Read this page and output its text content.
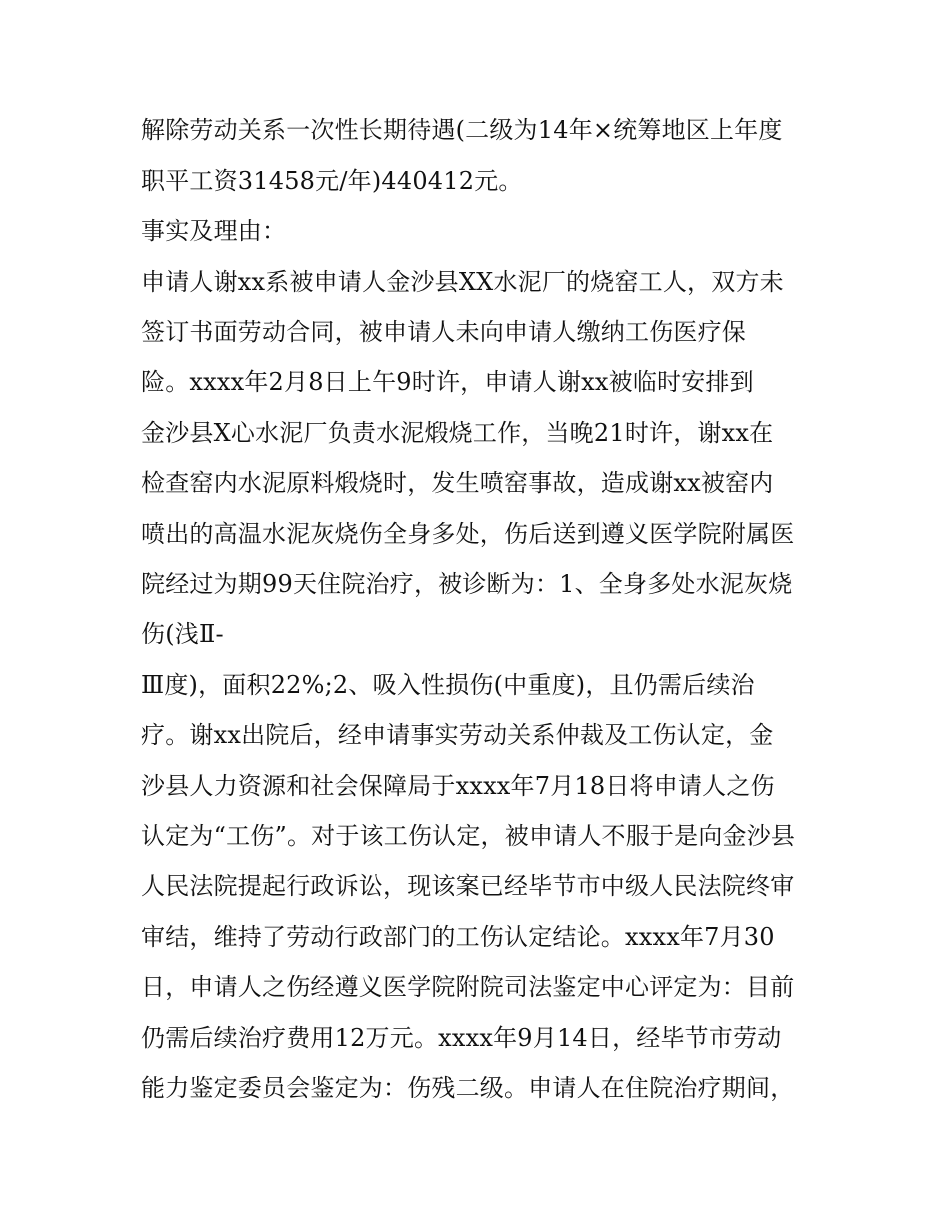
解除劳动关系一次性长期待遇(二级为14年×统筹地区上年度
职平工资31458元/年)440412元。
事实及理由：
申请人谢xx系被申请人金沙县XX水泥厂的烧窑工人，双方未
签订书面劳动合同，被申请人未向申请人缴纳工伤医疗保
险。xxxx年2月8日上午9时许，申请人谢xx被临时安排到
金沙县X心水泥厂负责水泥煅烧工作，当晚21时许，谢xx在
检查窑内水泥原料煅烧时，发生喷窑事故，造成谢xx被窑内
喷出的高温水泥灰烧伤全身多处，伤后送到遵义医学院附属医
院经过为期99天住院治疗，被诊断为：1、全身多处水泥灰烧
伤(浅Ⅱ-
Ⅲ度)，面积22%;2、吸入性损伤(中重度)，且仍需后续治
疗。谢xx出院后，经申请事实劳动关系仲裁及工伤认定，金
沙县人力资源和社会保障局于xxxx年7月18日将申请人之伤
认定为“工伤”。对于该工伤认定，被申请人不服于是向金沙县
人民法院提起行政诉讼，现该案已经毕节市中级人民法院终审
审结，维持了劳动行政部门的工伤认定结论。xxxx年7月30
日，申请人之伤经遵义医学院附院司法鉴定中心评定为：目前
仍需后续治疗费用12万元。xxxx年9月14日，经毕节市劳动
能力鉴定委员会鉴定为：伤残二级。申请人在住院治疗期间，
